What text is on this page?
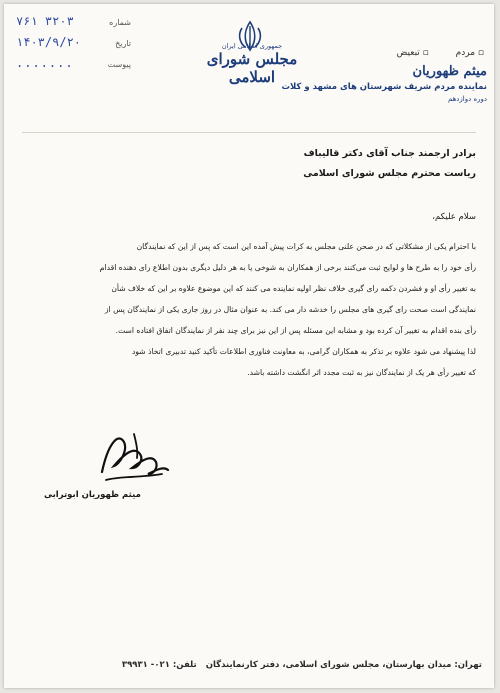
شماره
۳۲۰۳ ۷۶۱
تاریخ
۱۴۰۳/۹/۲۰
پیوست
.......
جمهوری اسلامی ایران
مجلس شورای اسلامی
▫ مردم ▫ تبعیض
میثم ظهوریان
نماینده مردم شریف شهرستان های مشهد و کلات
دوره دوازدهم
برادر ارجمند جناب آقای دکتر قالیباف
ریاست محترم مجلس شورای اسلامی
سلام علیکم،
با احترام یکی از مشکلاتی که در صحن علنی مجلس به کرات پیش آمده این است که پس از این که نمایندگان
رأی خود را به طرح ها و لوایح ثبت می‌کنند برخی از همکاران به شوخی یا به هر دلیل دیگری بدون اطلاع رای دهنده اقدام
به تغییر رأی او و فشردن دکمه رای گیری خلاف نظر اولیه نماینده می کنند که این موضوع علاوه بر این که خلاف شأن
نمایندگی است صحت رای گیری های مجلس را خدشه دار می کند. به عنوان مثال در روز جاری یکی از نمایندگان پس از
رأی بنده اقدام به تغییر آن کرده بود و مشابه این مسئله پس از این نیز برای چند نفر از نمایندگان اتفاق افتاده است.
لذا پیشنهاد می شود علاوه بر تذکر به همکاران گرامی، به معاونت فناوری اطلاعات تأکید کنید تدبیری اتخاذ شود
که تغییر رأی هر یک از نمایندگان نیز به ثبت مجدد اثر انگشت داشته باشد.
میثم ظهوریان ابوترابی
تهران: میدان بهارستان، مجلس شورای اسلامی، دفتر کارنمایندگان تلفن: ۰۲۱- ۳۹۹۳۱
